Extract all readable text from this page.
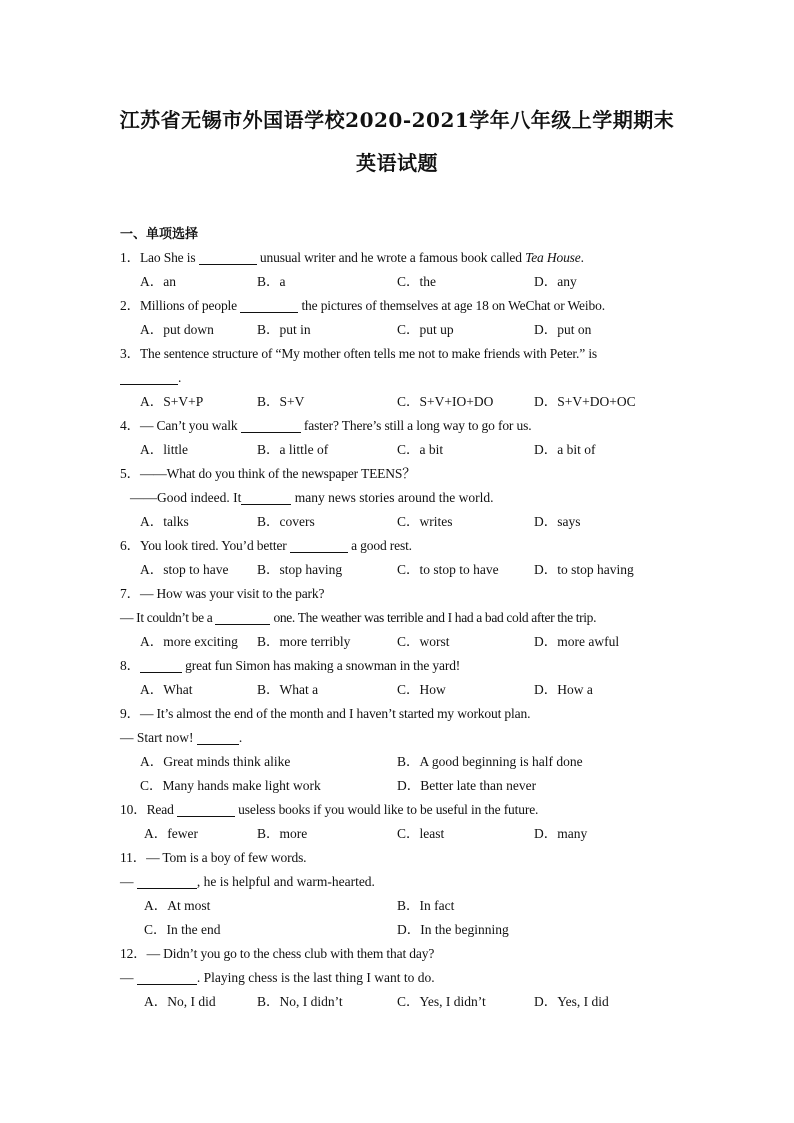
江苏省无锡市外国语学校2020-2021学年八年级上学期期末
英语试题
一、单项选择
1．Lao She is	unusual writer and he wrote a famous book called Tea House.
A．an	B．a	C．the	D．any
2．Millions of people	the pictures of themselves at age 18 on WeChat or Weibo.
A．put down	B．put in	C．put up	D．put on
3．The sentence structure of “My mother often tells me not to make friends with Peter.” is
.
A．S+V+P	B．S+V	C．S+V+IO+DO	D．S+V+DO+OC
4．— Can’t you walk	faster? There’s still a long way to go for us.
A．little	B．a little of	C．a bit	D．a bit of
5．——What do you think of the newspaper TEENS？
——Good indeed. It	many news stories around the world.
A．talks	B．covers	C．writes	D．says
6．You look tired. You’d better	a good rest.
A．stop to have B．stop having	C．to stop to have	D．to stop having
7．— How was your visit to the park?
— It couldn’t be a	one. The weather was terrible and I had a bad cold after the trip.
A．more exciting B．more terribly	C．worst	D．more awful
8．	great fun Simon has making a snowman in the yard!
A．What	B．What a	C．How	D．How a
9．— It’s almost the end of the month and I haven’t started my workout plan.
— Start now!	.
A．Great minds think alike	B．A good beginning is half done
C．Many hands make light work	D．Better late than never
10．Read	useless books if you would like to be useful in the future.
A．fewer	B．more	C．least	D．many
11．— Tom is a boy of few words.
—	, he is helpful and warm-hearted.
A．At most	B．In fact
C．In the end	D．In the beginning
12．— Didn’t you go to the chess club with them that day?
—	. Playing chess is the last thing I want to do.
A．No, I did	B．No, I didn’t	C．Yes, I didn’t	D．Yes, I did
